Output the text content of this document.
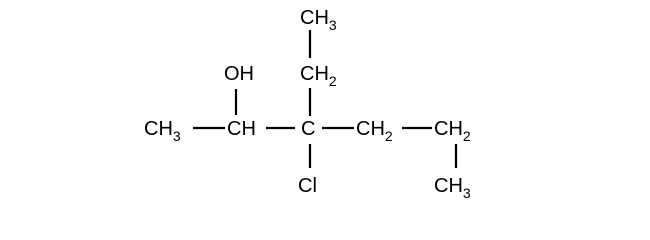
$CH_3$
$CH_2$
OH
$CH_3$ CH C $CH_2$ $CH_2$
Cl	$CH_3$
